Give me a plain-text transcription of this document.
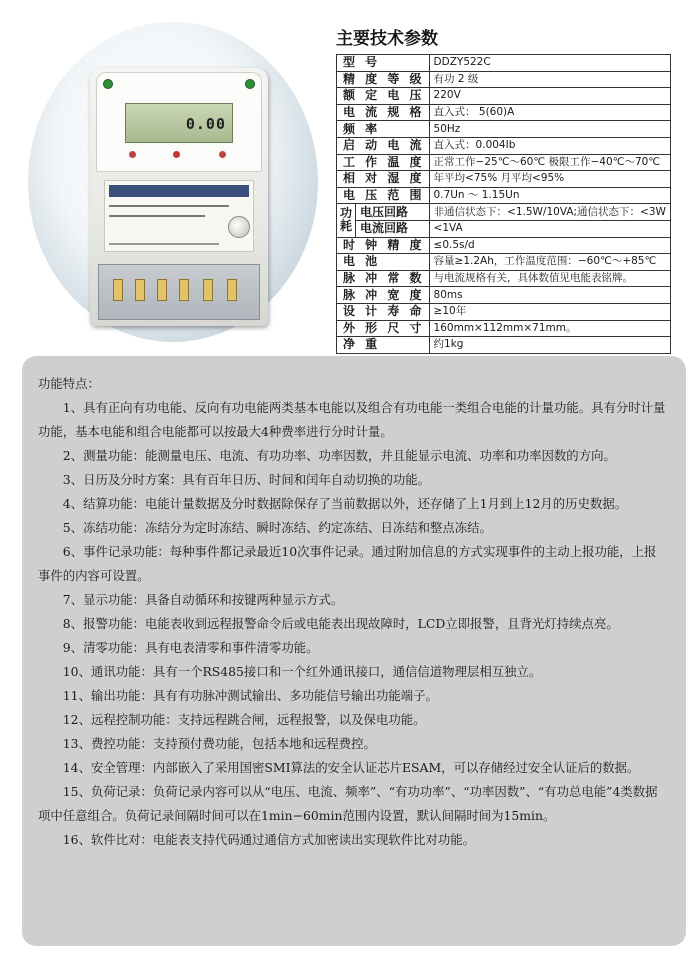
0.00
主要技术参数
型 号		DDZY522C
精 度 等 级		有功 2 级
额 定 电 压		220V
电 流 规 格		直入式： 5(60)A
频 率		50Hz
启 动 电 流		直入式：0.004Ib
工 作 温 度		正常工作−25℃～60℃ 极限工作−40℃～70℃
相 对 湿 度		年平均<75% 月平均<95%
电 压 范 围		0.7Un ～ 1.15Un
功
耗	电压回路	非通信状态下：<1.5W/10VA;通信状态下：<3W
	电流回路	<1VA
时 钟 精 度		≤0.5s/d
电 池		容量≥1.2Ah，工作温度范围：−60℃～+85℃
脉 冲 常 数		与电流规格有关，具体数值见电能表铭牌。
脉 冲 宽 度		80ms
设 计 寿 命		≥10年
外 形 尺 寸		160mm×112mm×71mm。
净 重		约1kg
功能特点：

1、具有正向有功电能、反向有功电能两类基本电能以及组合有功电能一类组合电能的计量功能。具有分时计量功能，基本电能和组合电能都可以按最大4种费率进行分时计量。

2、测量功能：能测量电压、电流、有功功率、功率因数，并且能显示电流、功率和功率因数的方向。

3、日历及分时方案：具有百年日历、时间和闰年自动切换的功能。

4、结算功能：电能计量数据及分时数据除保存了当前数据以外，还存储了上1月到上12月的历史数据。

5、冻结功能：冻结分为定时冻结、瞬时冻结、约定冻结、日冻结和整点冻结。

6、事件记录功能：每种事件都记录最近10次事件记录。通过附加信息的方式实现事件的主动上报功能，上报事件的内容可设置。

7、显示功能：具备自动循环和按键两种显示方式。

8、报警功能：电能表收到远程报警命令后或电能表出现故障时，LCD立即报警，且背光灯持续点亮。

9、清零功能：具有电表清零和事件清零功能。

10、通讯功能：具有一个RS485接口和一个红外通讯接口，通信信道物理层相互独立。

11、输出功能：具有有功脉冲测试输出、多功能信号输出功能端子。

12、远程控制功能：支持远程跳合闸，远程报警，以及保电功能。

13、费控功能：支持预付费功能，包括本地和远程费控。

14、安全管理：内部嵌入了采用国密SMI算法的安全认证芯片ESAM，可以存储经过安全认证后的数据。

15、负荷记录：负荷记录内容可以从“电压、电流、频率”、“有功功率”、“功率因数”、“有功总电能”4类数据项中任意组合。负荷记录间隔时间可以在1min−60min范围内设置，默认间隔时间为15min。

16、软件比对：电能表支持代码通过通信方式加密读出实现软件比对功能。
